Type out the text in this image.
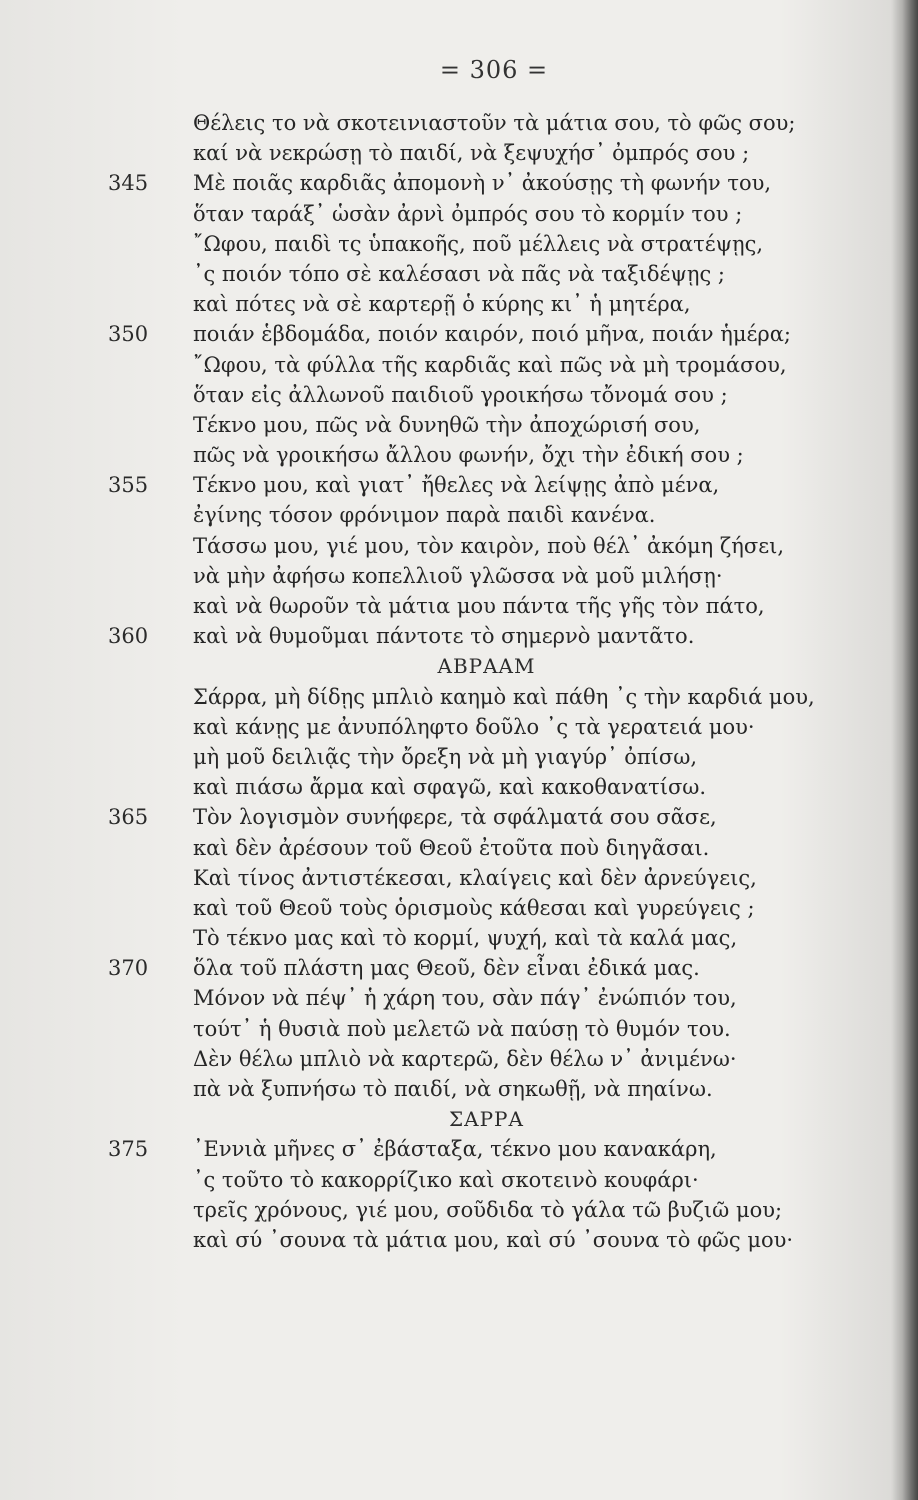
= 306 =
Θέλεις το νὰ σκοτεινιαστοῦν τὰ μάτια σου, τὸ φῶς σου;
καί νὰ νεκρώσῃ τὸ παιδί, νὰ ξεψυχήσ᾽ ὀμπρός σου ;
345 Μὲ ποιᾶς καρδιᾶς ἀπομονὴ ν᾽ ἀκούσῃς τὴ φωνήν του,
ὅταν ταράξ᾽ ὡσὰν ἀρνὶ ὀμπρός σου τὸ κορμίν του ;
῎Ωφου, παιδὶ τς ὑπακοῆς, ποῦ μέλλεις νὰ στρατέψῃς,
᾽ς ποιόν τόπο σὲ καλέσασι νὰ πᾶς νὰ ταξιδέψῃς ;
καὶ πότες νὰ σὲ καρτερῇ ὁ κύρης κι᾽ ἡ μητέρα,
350 ποιάν ἑβδομάδα, ποιόν καιρόν, ποιό μῆνα, ποιάν ἡμέρα;
῎Ωφου, τὰ φύλλα τῆς καρδιᾶς καὶ πῶς νὰ μὴ τρομάσου,
ὅταν εἰς ἀλλωνοῦ παιδιοῦ γροικήσω τὄνομά σου ;
Τέκνο μου, πῶς νὰ δυνηθῶ τὴν ἀποχώρισή σου,
πῶς νὰ γροικήσω ἄλλου φωνήν, ὄχι τὴν ἐδική σου ;
355 Τέκνο μου, καὶ γιατ᾽ ἤθελες νὰ λείψῃς ἀπὸ μένα,
ἐγίνης τόσον φρόνιμον παρὰ παιδὶ κανένα.
Τάσσω μου, γιέ μου, τὸν καιρὸν, ποὺ θέλ᾽ ἀκόμη ζήσει,
νὰ μὴν ἀφήσω κοπελλιοῦ γλῶσσα νὰ μοῦ μιλήσῃ·
καὶ νὰ θωροῦν τὰ μάτια μου πάντα τῆς γῆς τὸν πάτο,
360 καὶ νὰ θυμοῦμαι πάντοτε τὸ σημερνὸ μαντᾶτο.
ΑΒΡΑΑΜ
Σάρρα, μὴ δίδῃς μπλιὸ καημὸ καὶ πάθη ᾽ς τὴν καρδιά μου,
καὶ κάνῃς με ἀνυπόληφτο δοῦλο ᾽ς τὰ γερατειά μου·
μὴ μοῦ δειλιᾷς τὴν ὄρεξη νὰ μὴ γιαγύρ᾽ ὀπίσω,
καὶ πιάσω ἄρμα καὶ σφαγῶ, καὶ κακοθανατίσω.
365 Τὸν λογισμὸν συνήφερε, τὰ σφάλματά σου σᾶσε,
καὶ δὲν ἀρέσουν τοῦ Θεοῦ ἐτοῦτα ποὺ διηγᾶσαι.
Καὶ τίνος ἀντιστέκεσαι, κλαίγεις καὶ δὲν ἀρνεύγεις,
καὶ τοῦ Θεοῦ τοὺς ὁρισμοὺς κάθεσαι καὶ γυρεύγεις ;
Τὸ τέκνο μας καὶ τὸ κορμί, ψυχή, καὶ τὰ καλά μας,
370 ὅλα τοῦ πλάστη μας Θεοῦ, δὲν εἶναι ἐδικά μας.
Μόνον νὰ πέψ᾽ ἡ χάρη του, σὰν πάγ᾽ ἐνώπιόν του,
τούτ᾽ ἡ θυσιὰ ποὺ μελετῶ νὰ παύσῃ τὸ θυμόν του.
Δὲν θέλω μπλιὸ νὰ καρτερῶ, δὲν θέλω ν᾽ ἀνιμένω·
πὰ νὰ ξυπνήσω τὸ παιδί, νὰ σηκωθῇ, νὰ πηαίνω.
ΣΑΡΡΑ
375 ᾽Εννιὰ μῆνες σ᾽ ἐβάσταξα, τέκνο μου κανακάρη,
᾽ς τοῦτο τὸ κακορρίζικο καὶ σκοτεινὸ κουφάρι·
τρεῖς χρόνους, γιέ μου, σοῦδιδα τὸ γάλα τῶ βυζιῶ μου;
καὶ σύ ᾽σουνα τὰ μάτια μου, καὶ σύ ᾽σουνα τὸ φῶς μου·
